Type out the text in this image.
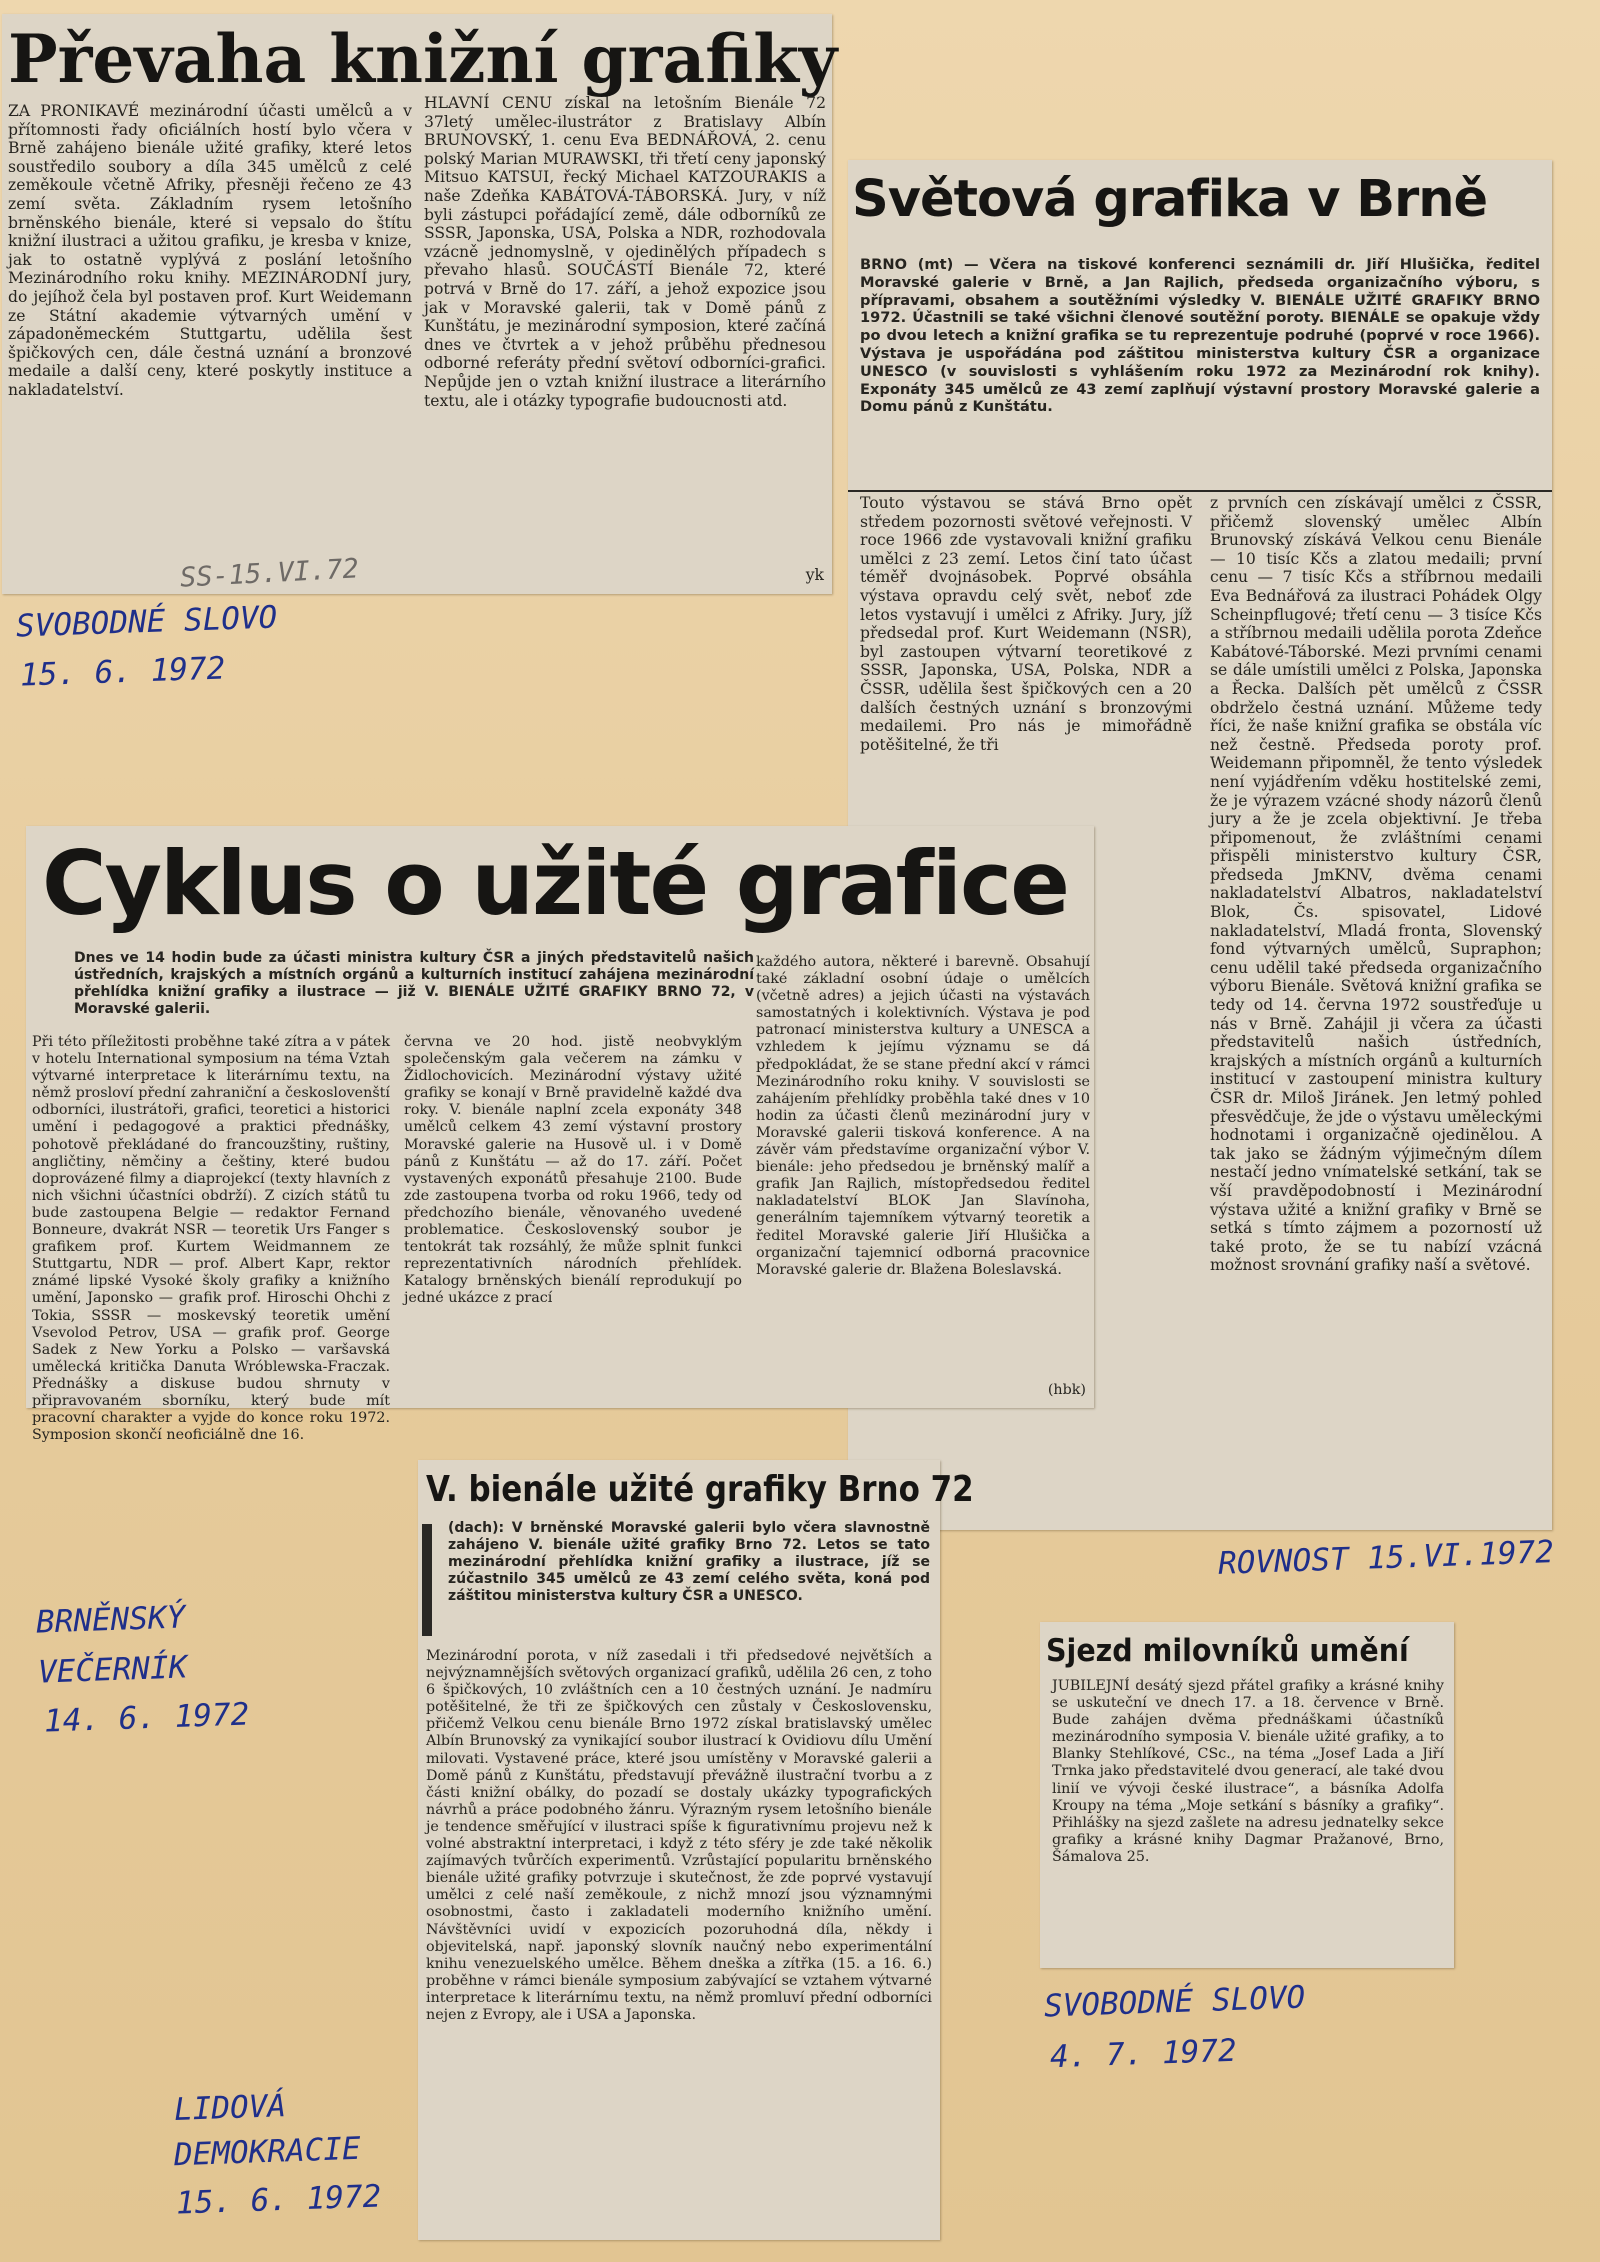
Převaha knižní grafiky
ZA PRONIKAVÉ mezinárodní účasti umělců a v přítomnosti řady oficiálních hostí bylo včera v Brně zahájeno bienále užité grafiky, které letos soustředilo soubory a díla 345 umělců z celé zeměkoule včetně Afriky, přesněji řečeno ze 43 zemí světa. Základním rysem letošního brněnského bienále, které si vepsalo do štítu knižní ilustraci a užitou grafiku, je kresba v knize, jak to ostatně vyplývá z poslání letošního Mezinárodního roku knihy. MEZINÁRODNÍ jury, do jejíhož čela byl postaven prof. Kurt Weidemann ze Státní akademie výtvarných umění v západoněmeckém Stuttgartu, udělila šest špičkových cen, dále čestná uznání a bronzové medaile a další ceny, které poskytly instituce a nakladatelství.
HLAVNÍ CENU získal na letošním Bienále 72 37letý umělec-ilustrátor z Bratislavy Albín BRUNOVSKÝ, 1. cenu Eva BEDNÁŘOVÁ, 2. cenu polský Marian MURAWSKI, tři třetí ceny japonský Mitsuo KATSUI, řecký Michael KATZOURAKIS a naše Zdeňka KABÁTOVÁ-TÁBORSKÁ. Jury, v níž byli zástupci pořádající země, dále odborníků ze SSSR, Japonska, USA, Polska a NDR, rozhodovala vzácně jednomyslně, v ojedinělých případech s převaho hlasů. SOUČÁSTÍ Bienále 72, které potrvá v Brně do 17. září, a jehož expozice jsou jak v Moravské galerii, tak v Domě pánů z Kunštátu, je mezinárodní symposion, které začíná dnes ve čtvrtek a v jehož průběhu přednesou odborné referáty přední světoví odborníci-grafici. Nepůjde jen o vztah knižní ilustrace a literárního textu, ale i otázky typografie budoucnosti atd.
yk
SS-15.VI.72
Světová grafika v Brně
BRNO (mt) — Včera na tiskové konferenci seznámili dr. Jiří Hlušička, ředitel Moravské galerie v Brně, a Jan Rajlich, předseda organizačního výboru, s přípravami, obsahem a soutěžními výsledky V. BIENÁLE UŽITÉ GRAFIKY BRNO 1972. Účastnili se také všichni členové soutěžní poroty. BIENÁLE se opakuje vždy po dvou letech a knižní grafika se tu reprezentuje podruhé (poprvé v roce 1966). Výstava je uspořádána pod záštitou ministerstva kultury ČSR a organizace UNESCO (v souvislosti s vyhlášením roku 1972 za Mezinárodní rok knihy). Exponáty 345 umělců ze 43 zemí zaplňují výstavní prostory Moravské galerie a Domu pánů z Kunštátu.
Touto výstavou se stává Brno opět středem pozornosti světové veřejnosti. V roce 1966 zde vystavovali knižní grafiku umělci z 23 zemí. Letos činí tato účast téměř dvojnásobek. Poprvé obsáhla výstava opravdu celý svět, neboť zde letos vystavují i umělci z Afriky. Jury, jíž předsedal prof. Kurt Weidemann (NSR), byl zastoupen výtvarní teoretikové z SSSR, Japonska, USA, Polska, NDR a ČSSR, udělila šest špičkových cen a 20 dalších čestných uznání s bronzovými medailemi. Pro nás je mimořádně potěšitelné, že tři
z prvních cen získávají umělci z ČSSR, přičemž slovenský umělec Albín Brunovský získává Velkou cenu Bienále — 10 tisíc Kčs a zlatou medaili; první cenu — 7 tisíc Kčs a stříbrnou medaili Eva Bednářová za ilustraci Pohádek Olgy Scheinpflugové; třetí cenu — 3 tisíce Kčs a stříbrnou medaili udělila porota Zdeňce Kabátové-Táborské. Mezi prvními cenami se dále umístili umělci z Polska, Japonska a Řecka. Dalších pět umělců z ČSSR obdrželo čestná uznání. Můžeme tedy říci, že naše knižní grafika se obstála víc než čestně. Předseda poroty prof. Weidemann připomněl, že tento výsledek není vyjádřením vděku hostitelské zemi, že je výrazem vzácné shody názorů členů jury a že je zcela objektivní. Je třeba připomenout, že zvláštními cenami přispěli ministerstvo kultury ČSR, předseda JmKNV, dvěma cenami nakladatelství Albatros, nakladatelství Blok, Čs. spisovatel, Lidové nakladatelství, Mladá fronta, Slovenský fond výtvarných umělců, Supraphon; cenu udělil také předseda organizačního výboru Bienále. Světová knižní grafika se tedy od 14. června 1972 soustřeďuje u nás v Brně. Zahájil ji včera za účasti představitelů našich ústředních, krajských a místních orgánů a kulturních institucí v zastoupení ministra kultury ČSR dr. Miloš Jiránek. Jen letmý pohled přesvědčuje, že jde o výstavu uměleckými hodnotami i organizačně ojedinělou. A tak jako se žádným výjimečným dílem nestačí jedno vnímatelské setkání, tak se vší pravděpodobností i Mezinárodní výstava užité a knižní grafiky v Brně se setká s tímto zájmem a pozorností už také proto, že se tu nabízí vzácná možnost srovnání grafiky naší a světové.
Cyklus o užité grafice
Dnes ve 14 hodin bude za účasti ministra kultury ČSR a jiných představitelů našich ústředních, krajských a místních orgánů a kulturních institucí zahájena mezinárodní přehlídka knižní grafiky a ilustrace — již V. BIENÁLE UŽITÉ GRAFIKY BRNO 72, v Moravské galerii.
Při této příležitosti proběhne také zítra a v pátek v hotelu International symposium na téma Vztah výtvarné interpretace k literárnímu textu, na němž prosloví přední zahraniční a českoslovenští odborníci, ilustrátoři, grafici, teoretici a historici umění i pedagogové a praktici přednášky, pohotově překládané do francouzštiny, ruštiny, angličtiny, němčiny a češtiny, které budou doprovázené filmy a diaprojekcí (texty hlavních z nich všichni účastníci obdrží). Z cizích států tu bude zastoupena Belgie — redaktor Fernand Bonneure, dvakrát NSR — teoretik Urs Fanger s grafikem prof. Kurtem Weidmannem ze Stuttgartu, NDR — prof. Albert Kapr, rektor známé lipské Vysoké školy grafiky a knižního umění, Japonsko — grafik prof. Hiroschi Ohchi z Tokia, SSSR — moskevský teoretik umění Vsevolod Petrov, USA — grafik prof. George Sadek z New Yorku a Polsko — varšavská umělecká kritička Danuta Wróblewska-Fraczak. Přednášky a diskuse budou shrnuty v připravovaném sborníku, který bude mít pracovní charakter a vyjde do konce roku 1972. Symposion skončí neoficiálně dne 16.
června ve 20 hod. jistě neobvyklým společenským gala večerem na zámku v Židlochovicích. Mezinárodní výstavy užité grafiky se konají v Brně pravidelně každé dva roky. V. bienále naplní zcela exponáty 348 umělců celkem 43 zemí výstavní prostory Moravské galerie na Husově ul. i v Domě pánů z Kunštátu — až do 17. září. Počet vystavených exponátů přesahuje 2100. Bude zde zastoupena tvorba od roku 1966, tedy od předchozího bienále, věnovaného uvedené problematice. Československý soubor je tentokrát tak rozsáhlý, že může splnit funkci reprezentativních národních přehlídek. Katalogy brněnských bienálí reprodukují po jedné ukázce z prací
každého autora, některé i barevně. Obsahují také základní osobní údaje o umělcích (včetně adres) a jejich účasti na výstavách samostatných i kolektivních. Výstava je pod patronací ministerstva kultury a UNESCA a vzhledem k jejímu významu se dá předpokládat, že se stane přední akcí v rámci Mezinárodního roku knihy. V souvislosti se zahájením přehlídky proběhla také dnes v 10 hodin za účasti členů mezinárodní jury v Moravské galerii tisková konference. A na závěr vám představíme organizační výbor V. bienále: jeho předsedou je brněnský malíř a grafik Jan Rajlich, místopředsedou ředitel nakladatelství BLOK Jan Slavínoha, generálním tajemníkem výtvarný teoretik a ředitel Moravské galerie Jiří Hlušička a organizační tajemnicí odborná pracovnice Moravské galerie dr. Blažena Boleslavská.
(hbk)
V. bienále užité grafiky Brno 72
(dach): V brněnské Moravské galerii bylo včera slavnostně zahájeno V. bienále užité grafiky Brno 72. Letos se tato mezinárodní přehlídka knižní grafiky a ilustrace, jíž se zúčastnilo 345 umělců ze 43 zemí celého světa, koná pod záštitou ministerstva kultury ČSR a UNESCO.
Mezinárodní porota, v níž zasedali i tři předsedové největších a nejvýznamnějších světových organizací grafiků, udělila 26 cen, z toho 6 špičkových, 10 zvláštních cen a 10 čestných uznání. Je nadmíru potěšitelné, že tři ze špičkových cen zůstaly v Československu, přičemž Velkou cenu bienále Brno 1972 získal bratislavský umělec Albín Brunovský za vynikající soubor ilustrací k Ovidiovu dílu Umění milovati. Vystavené práce, které jsou umístěny v Moravské galerii a Domě pánů z Kunštátu, představují převážně ilustrační tvorbu a z části knižní obálky, do pozadí se dostaly ukázky typografických návrhů a práce podobného žánru. Výrazným rysem letošního bienále je tendence směřující v ilustraci spíše k figurativnímu projevu než k volné abstraktní interpretaci, i když z této sféry je zde také několik zajímavých tvůrčích experimentů. Vzrůstající popularitu brněnského bienále užité grafiky potvrzuje i skutečnost, že zde poprvé vystavují umělci z celé naší zeměkoule, z nichž mnozí jsou významnými osobnostmi, často i zakladateli moderního knižního umění. Návštěvníci uvidí v expozicích pozoruhodná díla, někdy i objevitelská, např. japonský slovník naučný nebo experimentální knihu venezuelského umělce. Během dneška a zítřka (15. a 16. 6.) proběhne v rámci bienále symposium zabývající se vztahem výtvarné interpretace k literárnímu textu, na němž promluví přední odborníci nejen z Evropy, ale i USA a Japonska.
Sjezd milovníků umění
JUBILEJNÍ desátý sjezd přátel grafiky a krásné knihy se uskuteční ve dnech 17. a 18. července v Brně. Bude zahájen dvěma přednáškami účastníků mezinárodního symposia V. bienále užité grafiky, a to Blanky Stehlíkové, CSc., na téma „Josef Lada a Jiří Trnka jako představitelé dvou generací, ale také dvou linií ve vývoji české ilustrace“, a básníka Adolfa Kroupy na téma „Moje setkání s básníky a grafiky“. Přihlášky na sjezd zašlete na adresu jednatelky sekce grafiky a krásné knihy Dagmar Pražanové, Brno, Šámalova 25.
SVOBODNÉ SLOVO
15. 6. 1972
ROVNOST 15.VI.1972
BRNĚNSKÝ
VEČERNÍK
14. 6. 1972
SVOBODNÉ SLOVO
4. 7. 1972
LIDOVÁ
DEMOKRACIE
15. 6. 1972
